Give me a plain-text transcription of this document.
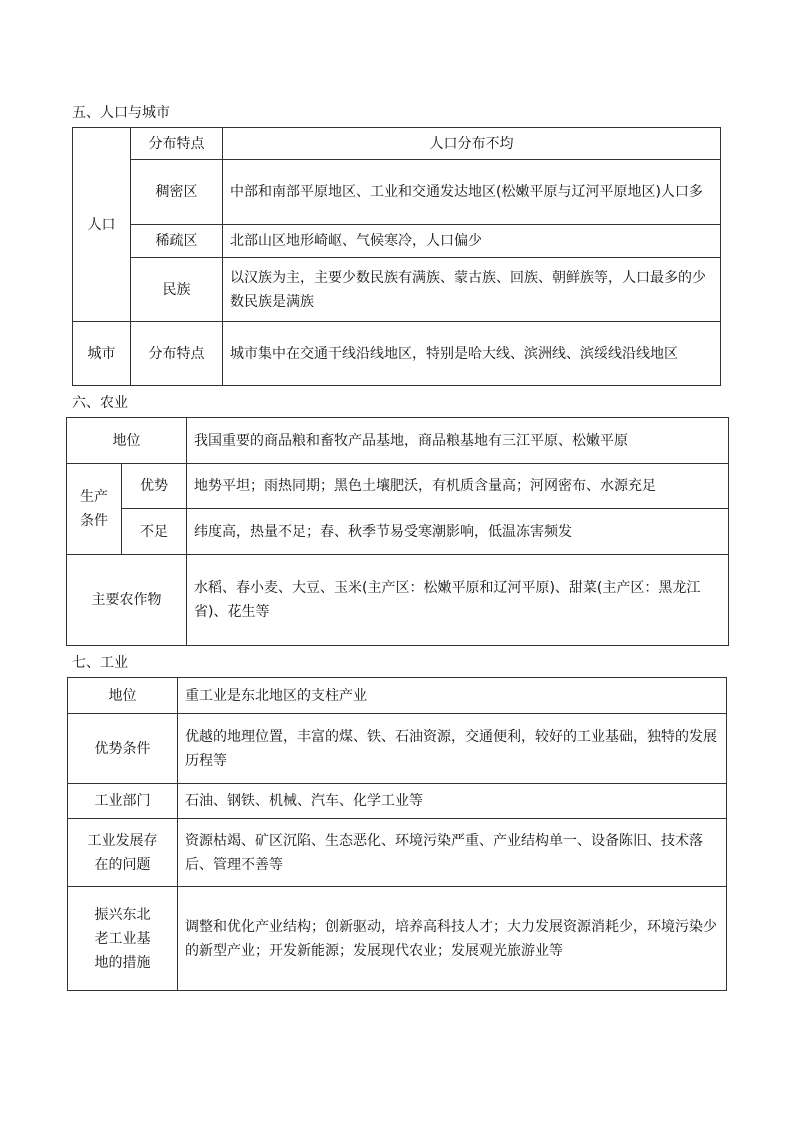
五、人口与城市
人口	分布特点	人口分布不均
	稠密区	中部和南部平原地区、工业和交通发达地区(松嫩平原与辽河平原地区)人口多
	稀疏区	北部山区地形崎岖、气候寒冷，人口偏少
	民族	以汉族为主，主要少数民族有满族、蒙古族、回族、朝鲜族等，人口最多的少数民族是满族
城市	分布特点	城市集中在交通干线沿线地区，特别是哈大线、滨洲线、滨绥线沿线地区
六、农业
地位		我国重要的商品粮和畜牧产品基地，商品粮基地有三江平原、松嫩平原
生产条件	优势	地势平坦；雨热同期；黑色土壤肥沃，有机质含量高；河网密布、水源充足
	不足	纬度高，热量不足；春、秋季节易受寒潮影响，低温冻害频发
主要农作物		水稻、春小麦、大豆、玉米(主产区：松嫩平原和辽河平原)、甜菜(主产区：黑龙江省)、花生等
七、工业
地位	重工业是东北地区的支柱产业
优势条件	优越的地理位置，丰富的煤、铁、石油资源，交通便利，较好的工业基础，独特的发展历程等
工业部门	石油、钢铁、机械、汽车、化学工业等
工业发展存在的问题	资源枯竭、矿区沉陷、生态恶化、环境污染严重、产业结构单一、设备陈旧、技术落后、管理不善等
振兴东北老工业基地的措施	调整和优化产业结构；创新驱动，培养高科技人才；大力发展资源消耗少，环境污染少的新型产业；开发新能源；发展现代农业；发展观光旅游业等
